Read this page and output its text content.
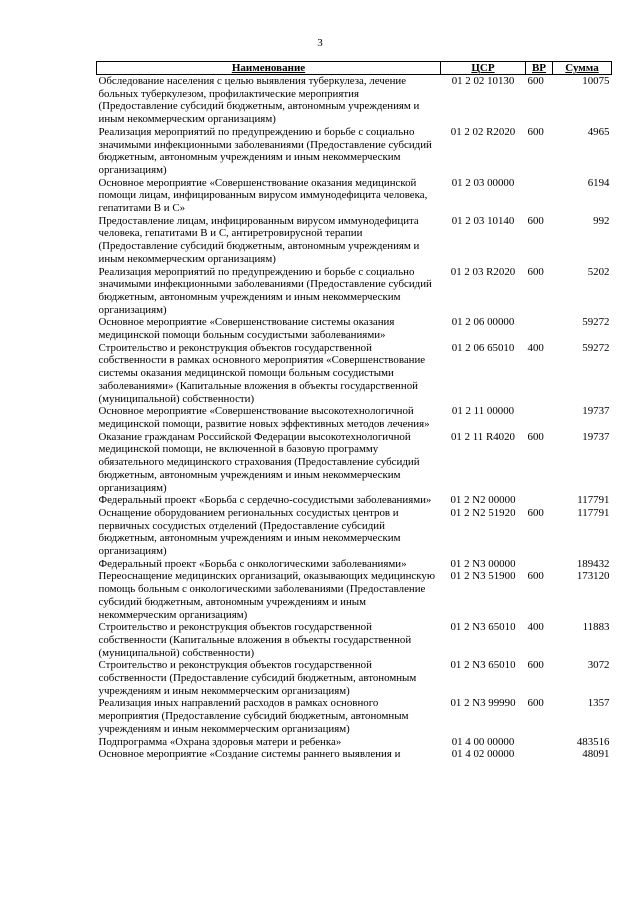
3
Наименование	ЦСР	ВР	Сумма
Обследование населения с целью выявления туберкулеза, лечение больных туберкулезом, профилактические мероприятия (Предоставление субсидий бюджетным, автономным учреждениям и иным некоммерческим организациям)	01 2 02 10130	600	10075
Реализация мероприятий по предупреждению и борьбе с социально значимыми инфекционными заболеваниями (Предоставление субсидий бюджетным, автономным учреждениям и иным некоммерческим организациям)	01 2 02 R2020	600	4965
Основное мероприятие «Совершенствование оказания медицинской помощи лицам, инфицированным вирусом иммунодефицита человека, гепатитами В и С»	01 2 03 00000		6194
Предоставление лицам, инфицированным вирусом иммунодефицита человека, гепатитами В и С, антиретровирусной терапии (Предоставление субсидий бюджетным, автономным учреждениям и иным некоммерческим организациям)	01 2 03 10140	600	992
Реализация мероприятий по предупреждению и борьбе с социально значимыми инфекционными заболеваниями (Предоставление субсидий бюджетным, автономным учреждениям и иным некоммерческим организациям)	01 2 03 R2020	600	5202
Основное мероприятие «Совершенствование системы оказания медицинской помощи больным сосудистыми заболеваниями»	01 2 06 00000		59272
Строительство и реконструкция объектов государственной собственности в рамках основного мероприятия «Совершенствование системы оказания медицинской помощи больным сосудистыми заболеваниями» (Капитальные вложения в объекты государственной (муниципальной) собственности)	01 2 06 65010	400	59272
Основное мероприятие «Совершенствование высокотехнологичной медицинской помощи, развитие новых эффективных методов лечения»	01 2 11 00000		19737
Оказание гражданам Российской Федерации высокотехнологичной медицинской помощи, не включенной в базовую программу обязательного медицинского страхования (Предоставление субсидий бюджетным, автономным учреждениям и иным некоммерческим организациям)	01 2 11 R4020	600	19737
Федеральный проект «Борьба с сердечно-сосудистыми заболеваниями»	01 2 N2 00000		117791
Оснащение оборудованием региональных сосудистых центров и первичных сосудистых отделений (Предоставление субсидий бюджетным, автономным учреждениям и иным некоммерческим организациям)	01 2 N2 51920	600	117791
Федеральный проект «Борьба с онкологическими заболеваниями»	01 2 N3 00000		189432
Переоснащение медицинских организаций, оказывающих медицинскую помощь больным с онкологическими заболеваниями (Предоставление субсидий бюджетным, автономным учреждениям и иным некоммерческим организациям)	01 2 N3 51900	600	173120
Строительство и реконструкция объектов государственной собственности (Капитальные вложения в объекты государственной (муниципальной) собственности)	01 2 N3 65010	400	11883
Строительство и реконструкция объектов государственной собственности (Предоставление субсидий бюджетным, автономным учреждениям и иным некоммерческим организациям)	01 2 N3 65010	600	3072
Реализация иных направлений расходов в рамках основного мероприятия (Предоставление субсидий бюджетным, автономным учреждениям и иным некоммерческим организациям)	01 2 N3 99990	600	1357
Подпрограмма «Охрана здоровья матери и ребенка»	01 4 00 00000		483516
Основное мероприятие «Создание системы раннего выявления и	01 4 02 00000		48091
